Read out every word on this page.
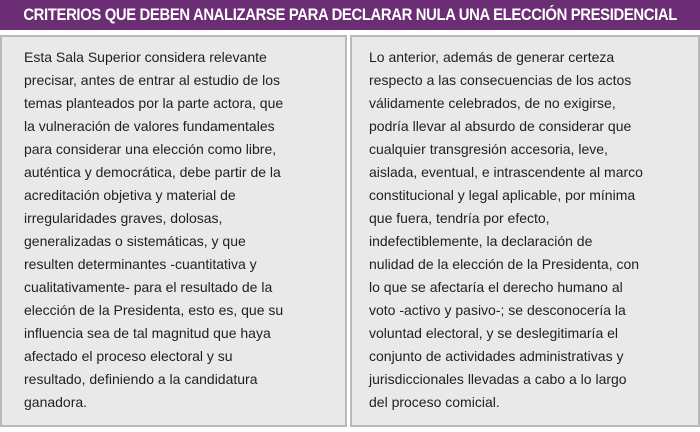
CRITERIOS QUE DEBEN ANALIZARSE PARA DECLARAR NULA UNA ELECCIÓN PRESIDENCIAL

Esta Sala Superior considera relevante
precisar, antes de entrar al estudio de los
temas planteados por la parte actora, que
la vulneración de valores fundamentales
para considerar una elección como libre,
auténtica y democrática, debe partir de la
acreditación objetiva y material de
irregularidades graves, dolosas,
generalizadas o sistemáticas, y que
resulten determinantes -cuantitativa y
cualitativamente- para el resultado de la
elección de la Presidenta, esto es, que su
influencia sea de tal magnitud que haya
afectado el proceso electoral y su
resultado, definiendo a la candidatura
ganadora.

Lo anterior, además de generar certeza
respecto a las consecuencias de los actos
válidamente celebrados, de no exigirse,
podría llevar al absurdo de considerar que
cualquier transgresión accesoria, leve,
aislada, eventual, e intrascendente al marco
constitucional y legal aplicable, por mínima
que fuera, tendría por efecto,
indefectiblemente, la declaración de
nulidad de la elección de la Presidenta, con
lo que se afectaría el derecho humano al
voto -activo y pasivo-; se desconocería la
voluntad electoral, y se deslegitimaría el
conjunto de actividades administrativas y
jurisdiccionales llevadas a cabo a lo largo
del proceso comicial.
